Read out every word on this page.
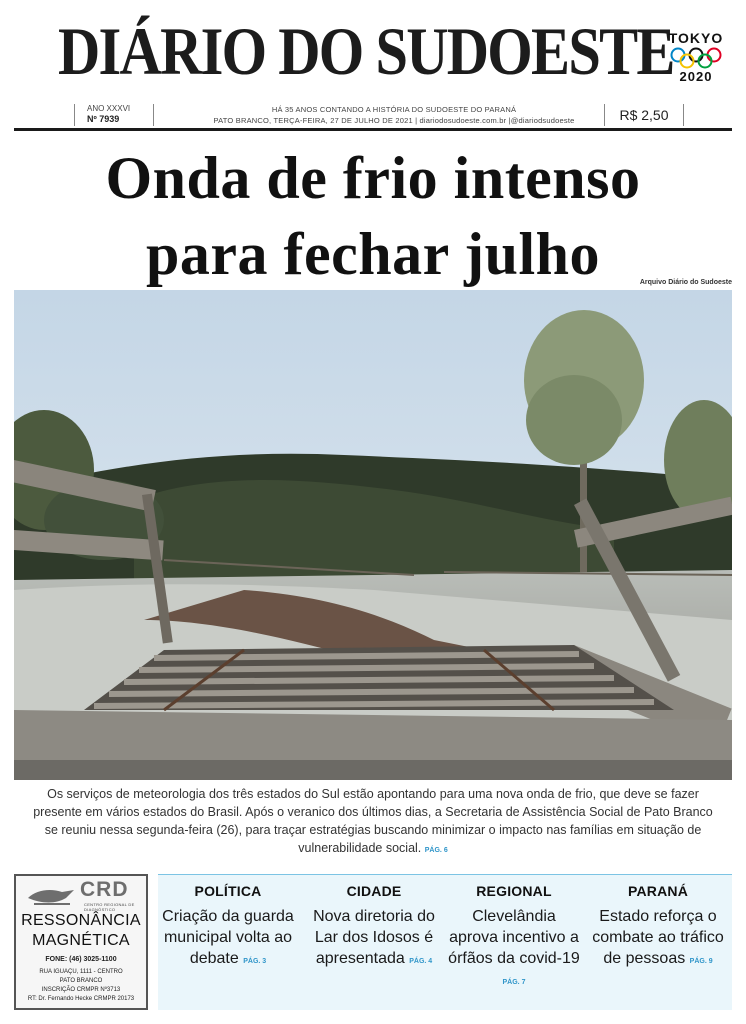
DIÁRIO DO SUDOESTE
TOKYO
2020
ANO XXXVI
Nº 7939
HÁ 35 ANOS CONTANDO A HISTÓRIA DO SUDOESTE DO PARANÁ
PATO BRANCO, TERÇA-FEIRA, 27 DE JULHO DE 2021 | diariodosudoeste.com.br |@diariodsudoeste	R$ 2,50
Onda de frio intenso
para fechar julho	Arquivo Diário do Sudoeste
Os serviços de meteorologia dos três estados do Sul estão apontando para uma nova onda de frio, que deve se fazer presente em vários estados do Brasil. Após o veranico dos últimos dias, a Secretaria de Assistência Social de Pato Branco se reuniu nessa segunda-feira (26), para traçar estratégias buscando minimizar o impacto nas famílias em situação de vulnerabilidade social. PÁG. 6
CRD
CENTRO REGIONAL DE DIAGNÓSTICO
RESSONÂNCIA
MAGNÉTICA
FONE: (46) 3025-1100
RUA IGUAÇU, 1111 - CENTRO
PATO BRANCO
INSCRIÇÃO CRMPR Nº3713
RT: Dr. Fernando Hecke CRMPR 20173
POLÍTICA
Criação da guarda municipal volta ao debate PÁG. 3
CIDADE
Nova diretoria do Lar dos Idosos é apresentada PÁG. 4
REGIONAL
Clevelândia aprova incentivo a órfãos da covid-19 PÁG. 7
PARANÁ
Estado reforça o combate ao tráfico de pessoas PÁG. 9
